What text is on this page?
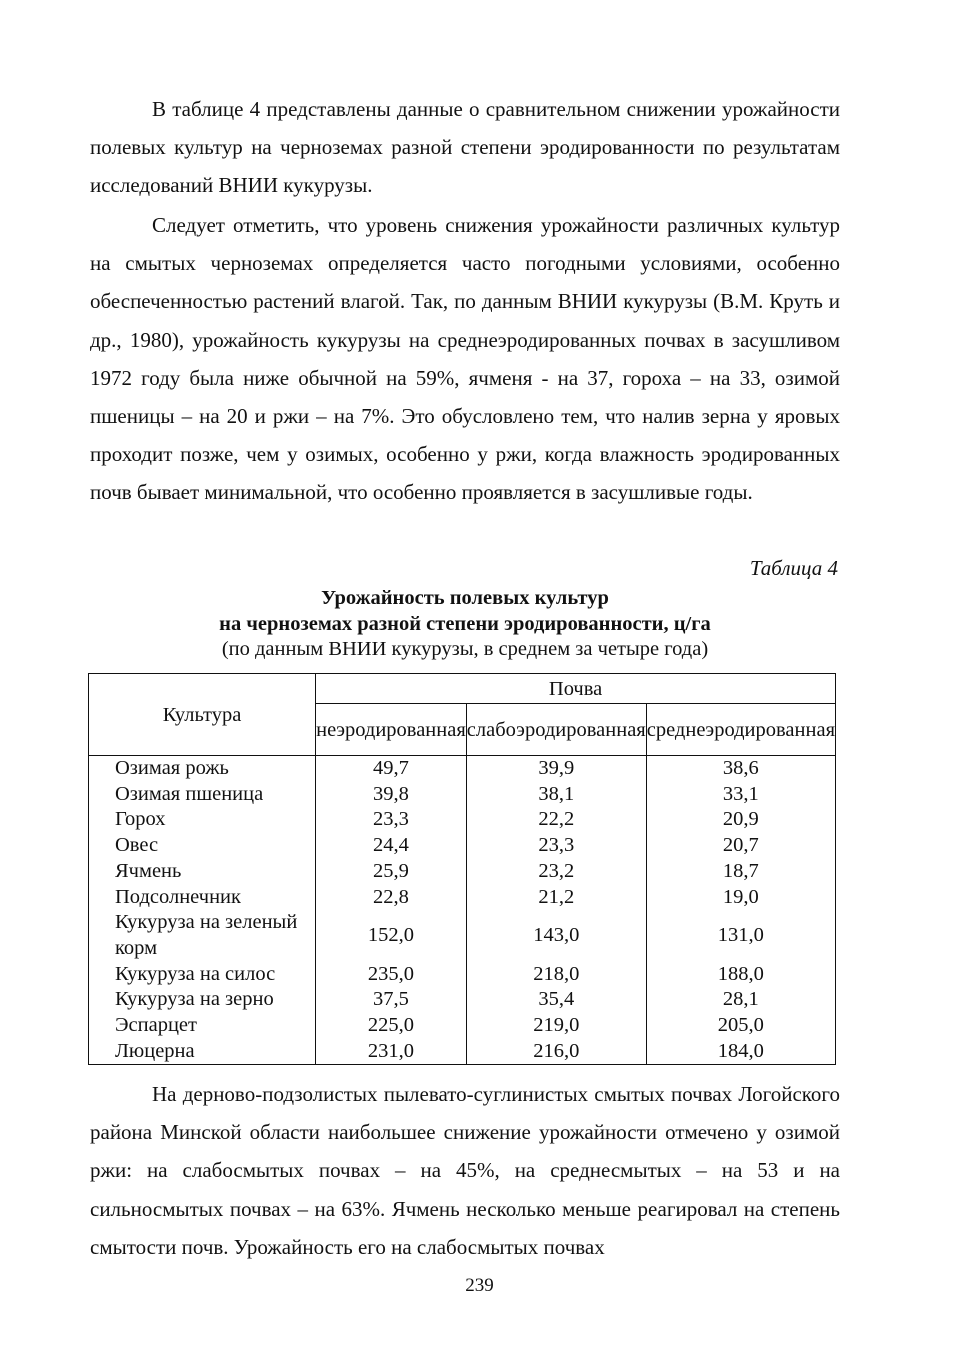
В таблице 4 представлены данные о сравнительном снижении урожайности полевых культур на черноземах разной степени эродированности по результатам исследований ВНИИ кукурузы.

Следует отметить, что уровень снижения урожайности различных культур на смытых черноземах определяется часто погодными условиями, особенно обеспеченностью растений влагой. Так, по данным ВНИИ кукурузы (В.М. Круть и др., 1980), урожайность кукурузы на среднеэродированных почвах в засушливом 1972 году была ниже обычной на 59%, ячменя - на 37, гороха – на 33, озимой пшеницы – на 20 и ржи – на 7%. Это обусловлено тем, что налив зерна у яровых проходит позже, чем у озимых, особенно у ржи, когда влажность эродированных почв бывает минимальной, что особенно проявляется в засушливые годы.

Таблица 4
Урожайность полевых культур
на черноземах разной степени эродированности, ц/га
(по данным ВНИИ кукурузы, в среднем за четыре года)
Культура	Почва		
	неэродированная	слабоэродированная	среднеэродированная
Озимая рожь	49,7	39,9	38,6
Озимая пшеница	39,8	38,1	33,1
Горох	23,3	22,2	20,9
Овес	24,4	23,3	20,7
Ячмень	25,9	23,2	18,7
Подсолнечник	22,8	21,2	19,0
Кукуруза на зеленый корм	152,0	143,0	131,0
Кукуруза на силос	235,0	218,0	188,0
Кукуруза на зерно	37,5	35,4	28,1
Эспарцет	225,0	219,0	205,0
Люцерна	231,0	216,0	184,0

На дерново-подзолистых пылевато-суглинистых смытых почвах Логойского района Минской области наибольшее снижение урожайности отмечено у озимой ржи: на слабосмытых почвах – на 45%, на среднесмытых – на 53 и на сильносмытых почвах – на 63%. Ячмень несколько меньше реагировал на степень смытости почв. Урожайность его на слабосмытых почвах

239
